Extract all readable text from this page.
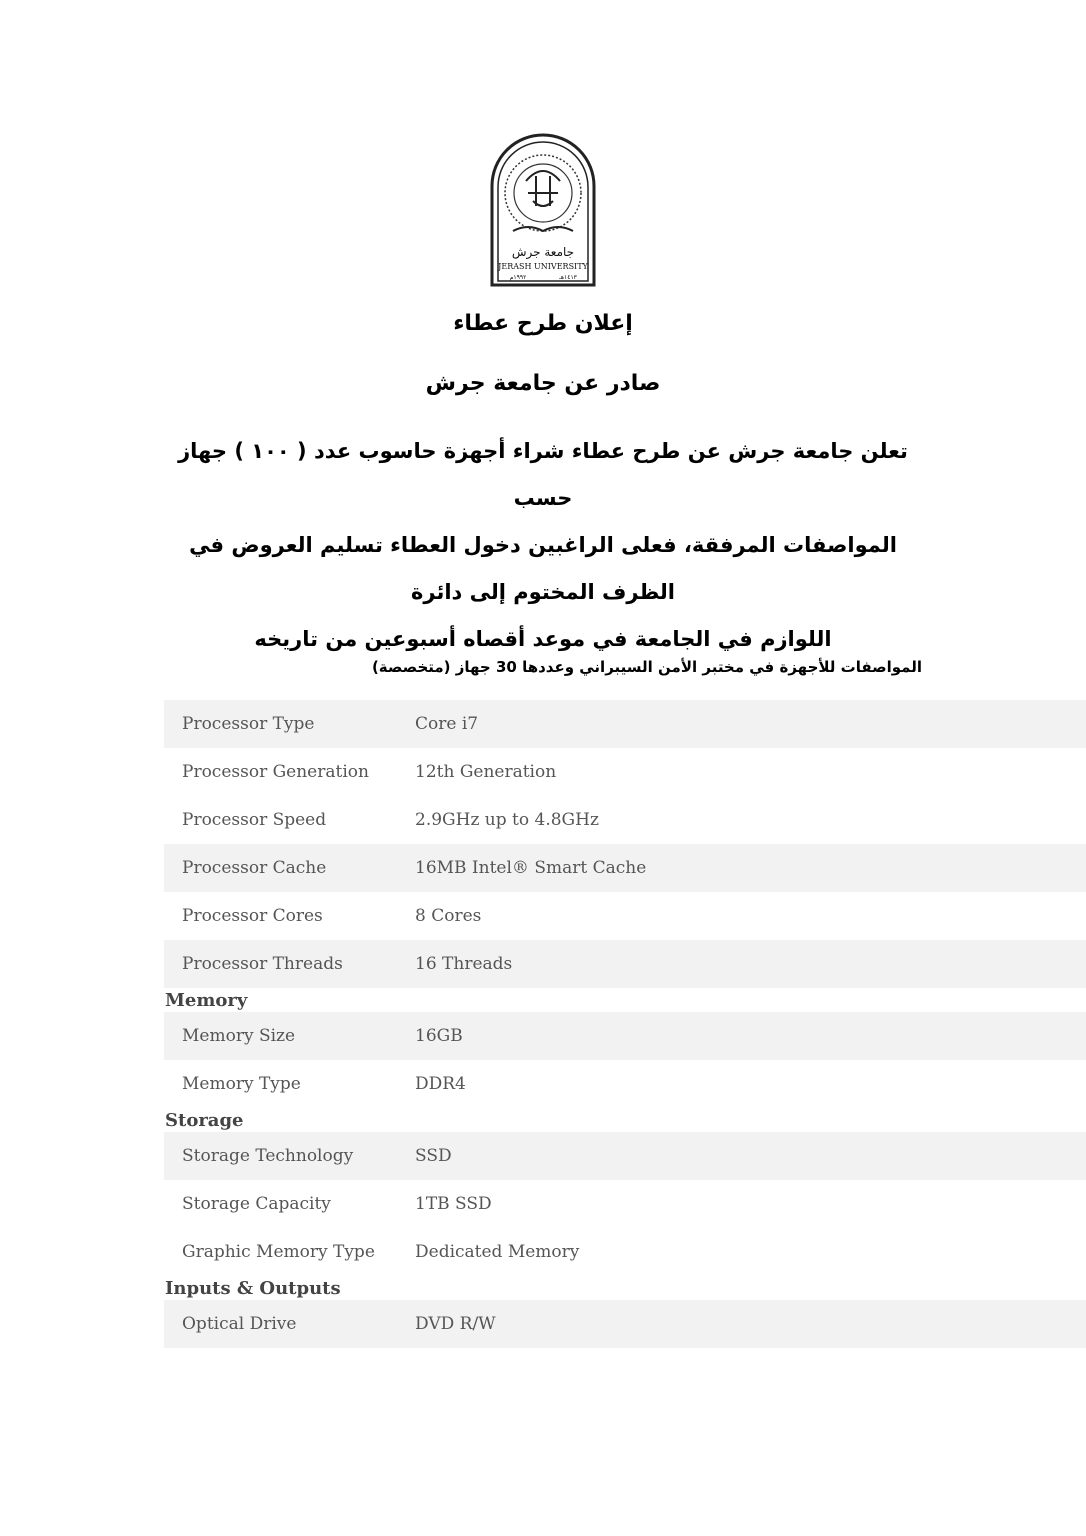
جامعة جرش
JERASH UNIVERSITY
١٩٩٢م	١٤١٣هـ

إعلان طرح عطاء

صادر عن جامعة جرش

تعلن جامعة جرش عن طرح عطاء شراء أجهزة حاسوب عدد ( ١٠٠ ) جهاز حسب
المواصفات المرفقة، فعلى الراغبين دخول العطاء تسليم العروض في الظرف المختوم إلى دائرة
اللوازم في الجامعة في موعد أقصاه أسبوعين من تاريخه

المواصفات للأجهزة في مختبر الأمن السيبراني وعددها 30 جهاز (متخصصة)

Processor Type	Core i7
Processor Generation	12th Generation
Processor Speed	2.9GHz up to 4.8GHz
Processor Cache	16MB Intel® Smart Cache
Processor Cores	8 Cores
Processor Threads	16 Threads
Memory
Memory Size	16GB
Memory Type	DDR4
Storage
Storage Technology	SSD
Storage Capacity	1TB SSD
Graphic Memory Type	Dedicated Memory
Inputs & Outputs
Optical Drive	DVD R/W
